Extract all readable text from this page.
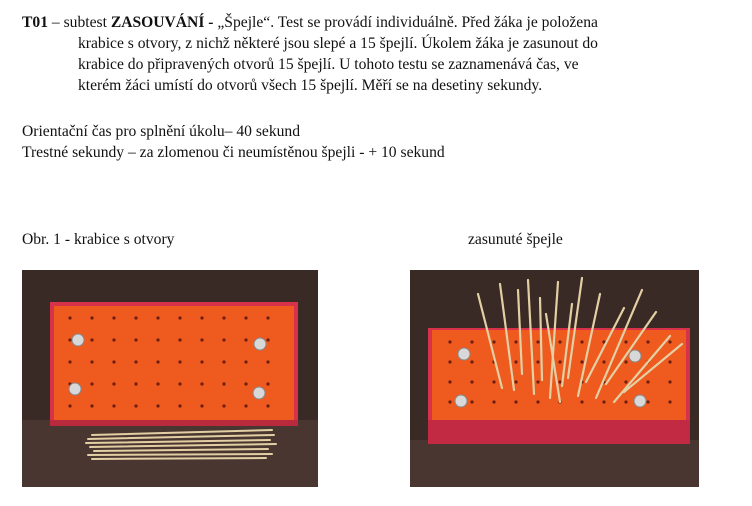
T01 – subtest ZASOUVÁNÍ - „Špejle“. Test se provádí individuálně. Před žáka je položena
krabice s otvory, z nichž některé jsou slepé a 15 špejlí. Úkolem žáka je zasunout do
krabice do připravených otvorů 15 špejlí. U tohoto testu se zaznamenává čas, ve
kterém žáci umístí do otvorů všech 15 špejlí. Měří se na desetiny sekundy.
Orientační čas pro splnění úkolu– 40 sekund
Trestné sekundy – za zlomenou či neumístěnou špejli - + 10 sekund
Obr. 1 - krabice s otvory	zasunuté špejle
